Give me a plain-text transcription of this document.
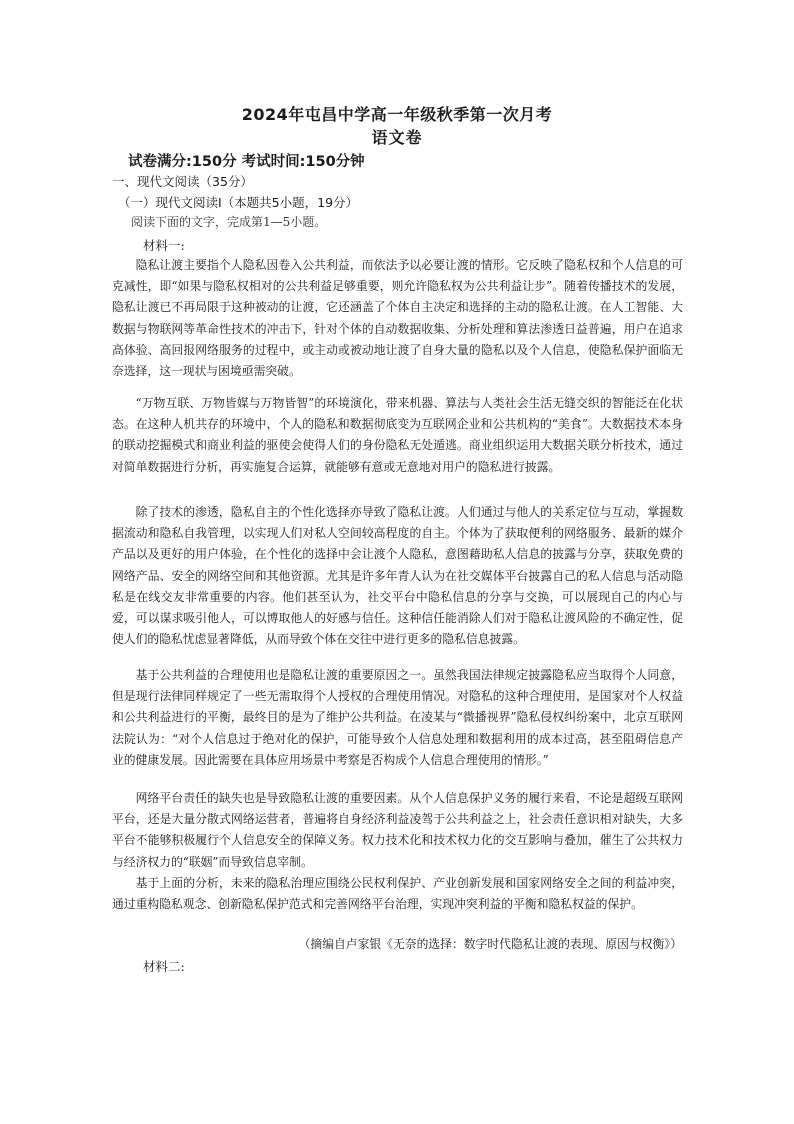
2024年屯昌中学高一年级秋季第一次月考
语文卷
试卷满分:150分 考试时间:150分钟
一、现代文阅读（35分）
（一）现代文阅读Ⅰ（本题共5小题，19分）
阅读下面的文字，完成第1—5小题。
材料一:

隐私让渡主要指个人隐私因卷入公共利益，而依法予以必要让渡的情形。它反映了隐私权和个人信息的可克减性，即“如果与隐私权相对的公共利益足够重要，则允许隐私权为公共利益让步”。随着传播技术的发展，隐私让渡已不再局限于这种被动的让渡，它还涵盖了个体自主决定和选择的主动的隐私让渡。在人工智能、大数据与物联网等革命性技术的冲击下，针对个体的自动数据收集、分析处理和算法渗透日益普遍，用户在追求高体验、高回报网络服务的过程中，或主动或被动地让渡了自身大量的隐私以及个人信息，使隐私保护面临无奈选择，这一现状与困境亟需突破。

“万物互联、万物皆媒与万物皆智”的环境演化，带来机器、算法与人类社会生活无缝交织的智能泛在化状态。在这种人机共存的环境中，个人的隐私和数据彻底变为互联网企业和公共机构的“美食”。大数据技术本身的联动挖掘模式和商业利益的驱使会使得人们的身份隐私无处遁逃。商业组织运用大数据关联分析技术，通过对简单数据进行分析，再实施复合运算，就能够有意或无意地对用户的隐私进行披露。

除了技术的渗透，隐私自主的个性化选择亦导致了隐私让渡。人们通过与他人的关系定位与互动，掌握数据流动和隐私自我管理，以实现人们对私人空间较高程度的自主。个体为了获取便利的网络服务、最新的媒介产品以及更好的用户体验，在个性化的选择中会让渡个人隐私，意图藉助私人信息的披露与分享，获取免费的网络产品、安全的网络空间和其他资源。尤其是许多年青人认为在社交媒体平台披露自己的私人信息与活动隐私是在线交友非常重要的内容。他们甚至认为，社交平台中隐私信息的分享与交换，可以展现自己的内心与爱，可以谋求吸引他人，可以博取他人的好感与信任。这种信任能消除人们对于隐私让渡风险的不确定性，促使人们的隐私忧虑显著降低，从而导致个体在交往中进行更多的隐私信息披露。

基于公共利益的合理使用也是隐私让渡的重要原因之一。虽然我国法律规定披露隐私应当取得个人同意，但是现行法律同样规定了一些无需取得个人授权的合理使用情况。对隐私的这种合理使用，是国家对个人权益和公共利益进行的平衡，最终目的是为了维护公共利益。在凌某与“微播视界”隐私侵权纠纷案中，北京互联网法院认为：“对个人信息过于绝对化的保护，可能导致个人信息处理和数据利用的成本过高，甚至阻碍信息产业的健康发展。因此需要在具体应用场景中考察是否构成个人信息合理使用的情形。”

网络平台责任的缺失也是导致隐私让渡的重要因素。从个人信息保护义务的履行来看，不论是超级互联网平台，还是大量分散式网络运营者，普遍将自身经济利益凌驾于公共利益之上，社会责任意识相对缺失，大多平台不能够积极履行个人信息安全的保障义务。权力技术化和技术权力化的交互影响与叠加，催生了公共权力与经济权力的“联姻”而导致信息宰制。

基于上面的分析，未来的隐私治理应围绕公民权利保护、产业创新发展和国家网络安全之间的利益冲突，通过重构隐私观念、创新隐私保护范式和完善网络平台治理，实现冲突利益的平衡和隐私权益的保护。

（摘编自卢家银《无奈的选择：数字时代隐私让渡的表现、原因与权衡》）
材料二:
